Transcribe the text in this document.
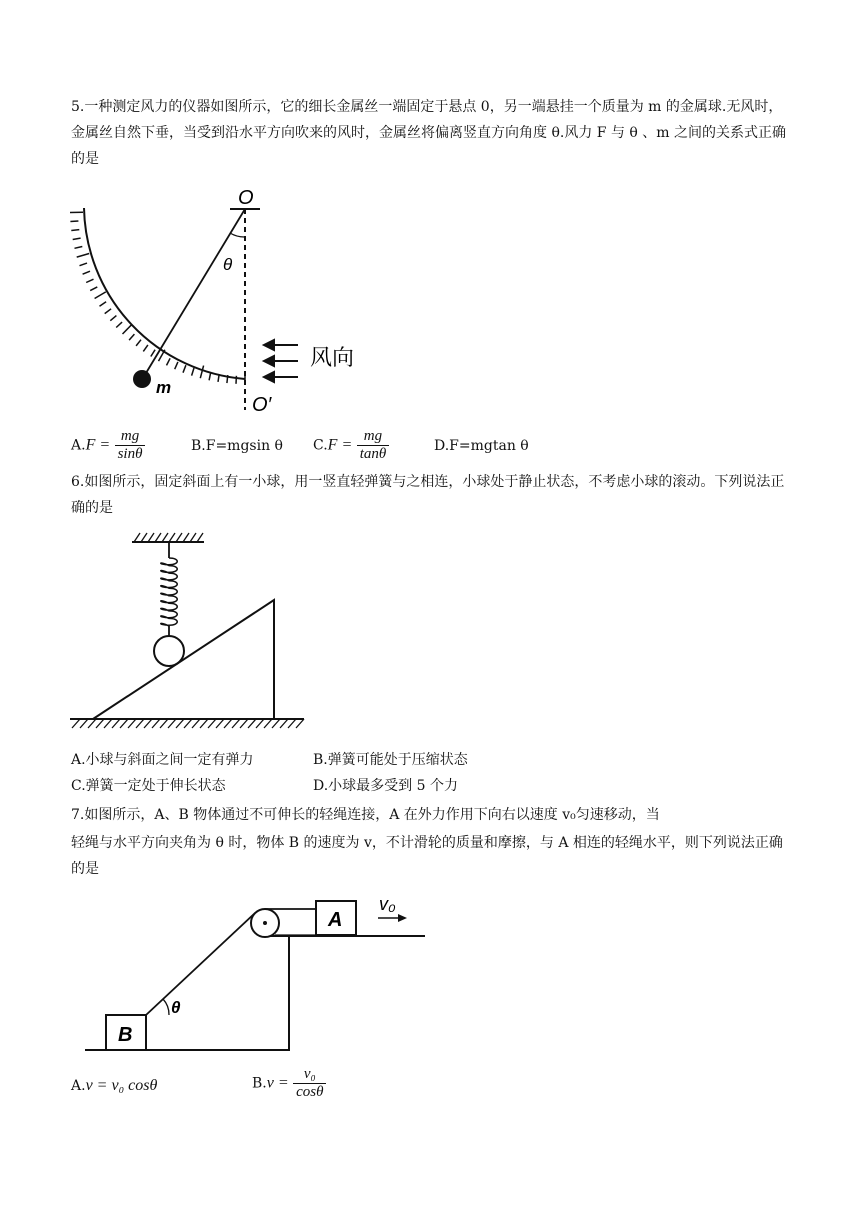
5.一种测定风力的仪器如图所示，它的细长金属丝一端固定于悬点 0，另一端悬挂一个质量为 m 的金属球.无风时，金属丝自然下垂，当受到沿水平方向吹来的风时，金属丝将偏离竖直方向角度 θ.风力 F 与 θ 、m 之间的关系式正确的是
O
θ
m
O′
风向
$A.F = \frac{mg}{\sin\theta}$	B.F=mgsin θ $C.F = \frac{mg}{\tan\theta}$	D.F=mgtan θ
6.如图所示，固定斜面上有一小球，用一竖直轻弹簧与之相连，小球处于静止状态，不考虑小球的滚动。下列说法正确的是
A.小球与斜面之间一定有弹力	B.弹簧可能处于压缩状态
C.弹簧一定处于伸长状态	D.小球最多受到 5 个力
7.如图所示，A、B 物体通过不可伸长的轻绳连接，A 在外力作用下向右以速度 v₀匀速移动，当
轻绳与水平方向夹角为 θ 时，物体 B 的速度为 v，不计滑轮的质量和摩擦，与 A 相连的轻绳水平，则下列说法正确的是
A
B
v₀
θ
A.v = v₀ cosθ	$B.v = \frac{\text{v₀}}{\cos\theta}$
